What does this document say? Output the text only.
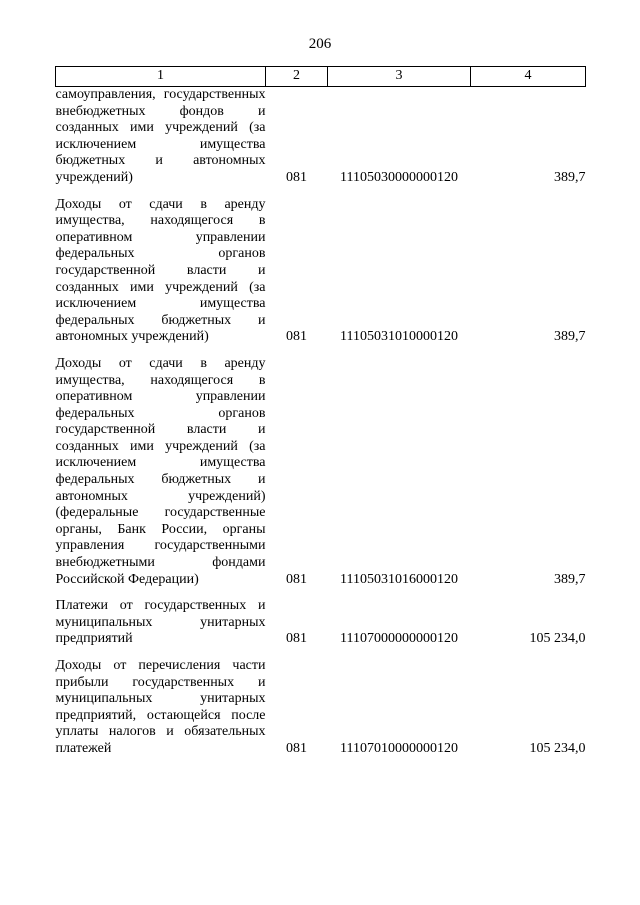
206
1	2	3	4
самоуправления, государственных внебюджетных фондов и созданных ими учреждений (за исключением имущества бюджетных и автономных учреждений)	081	11105030000000120	389,7

Доходы от сдачи в аренду имущества, находящегося в оперативном управлении федеральных органов государственной власти и созданных ими учреждений (за исключением имущества федеральных бюджетных и автономных учреждений)	081	11105031010000120	389,7

Доходы от сдачи в аренду имущества, находящегося в оперативном управлении федеральных органов государственной власти и созданных ими учреждений (за исключением имущества федеральных бюджетных и автономных учреждений) (федеральные государственные органы, Банк России, органы управления государственными внебюджетными фондами Российской Федерации)	081	11105031016000120	389,7

Платежи от государственных и муниципальных унитарных предприятий	081	11107000000000120	105 234,0

Доходы от перечисления части прибыли государственных и муниципальных унитарных предприятий, остающейся после уплаты налогов и обязательных платежей	081	11107010000000120	105 234,0
